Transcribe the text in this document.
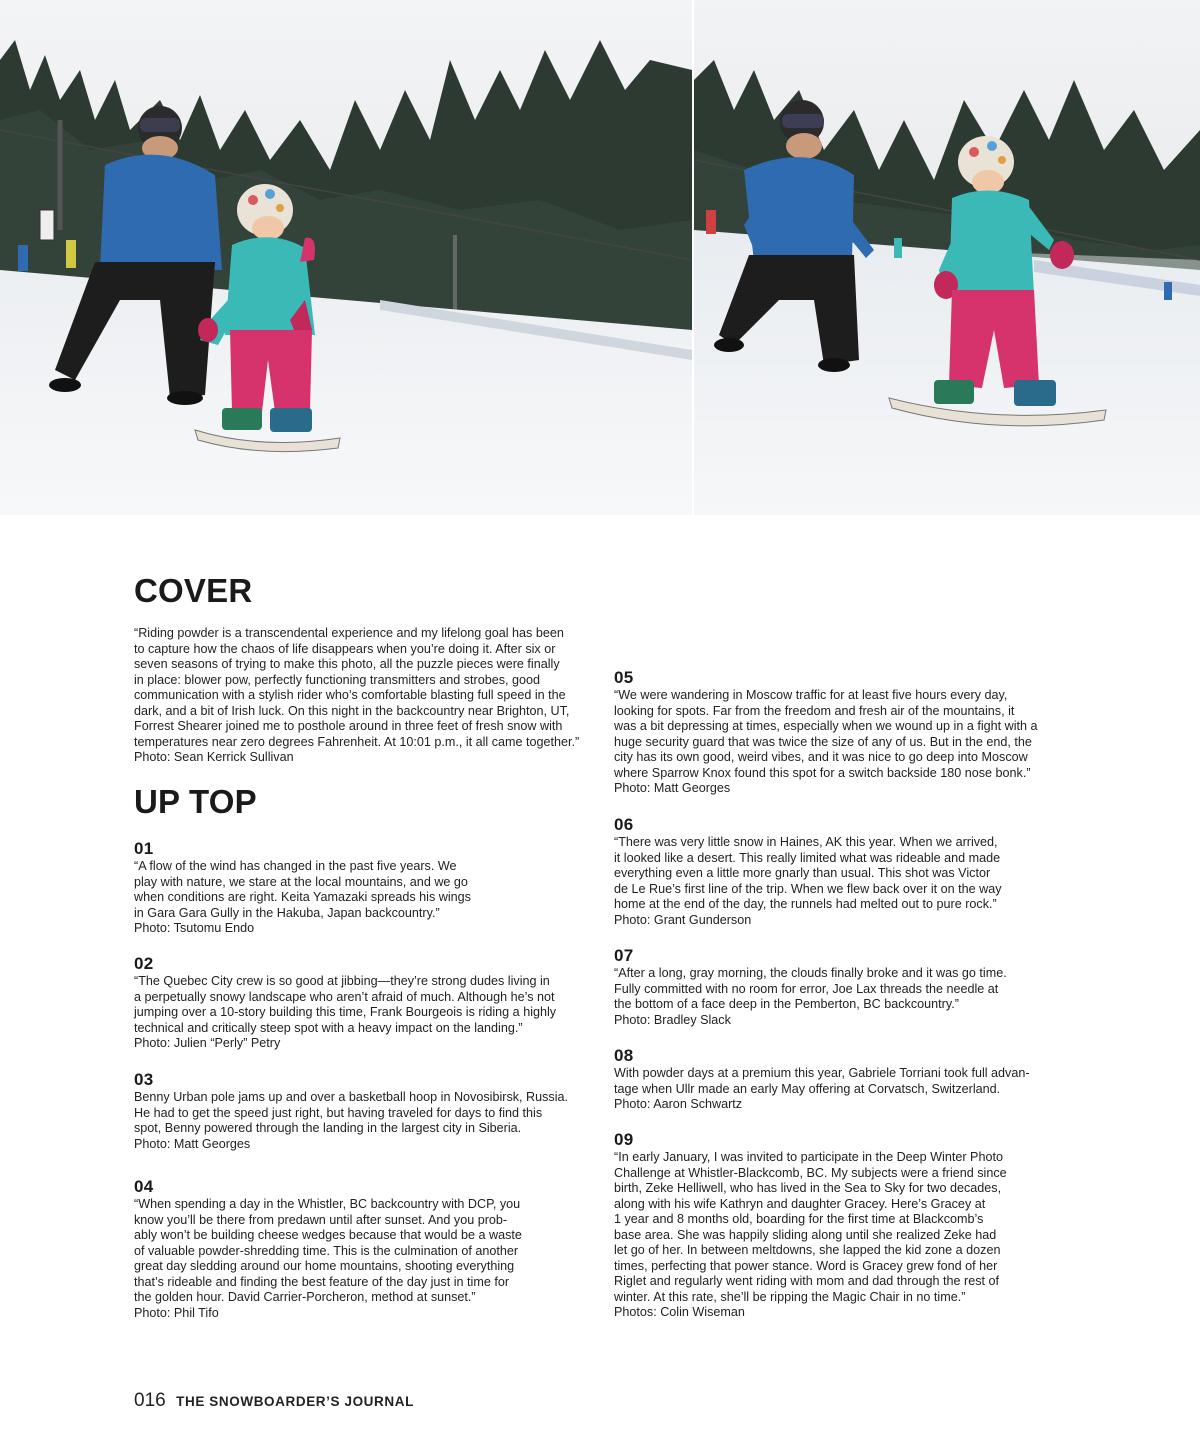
COVER
“Riding powder is a transcendental experience and my lifelong goal has been
to capture how the chaos of life disappears when you’re doing it. After six or
seven seasons of trying to make this photo, all the puzzle pieces were finally
in place: blower pow, perfectly functioning transmitters and strobes, good
communication with a stylish rider who’s comfortable blasting full speed in the
dark, and a bit of Irish luck. On this night in the backcountry near Brighton, UT,
Forrest Shearer joined me to posthole around in three feet of fresh snow with
temperatures near zero degrees Fahrenheit. At 10:01 p.m., it all came together.”
Photo: Sean Kerrick Sullivan
UP TOP
01
“A flow of the wind has changed in the past five years. We
play with nature, we stare at the local mountains, and we go
when conditions are right. Keita Yamazaki spreads his wings
in Gara Gara Gully in the Hakuba, Japan backcountry.”
Photo: Tsutomu Endo
02
“The Quebec City crew is so good at jibbing—they’re strong dudes living in
a perpetually snowy landscape who aren’t afraid of much. Although he’s not
jumping over a 10-story building this time, Frank Bourgeois is riding a highly
technical and critically steep spot with a heavy impact on the landing.”
Photo: Julien “Perly” Petry
03
Benny Urban pole jams up and over a basketball hoop in Novosibirsk, Russia.
He had to get the speed just right, but having traveled for days to find this
spot, Benny powered through the landing in the largest city in Siberia.
Photo: Matt Georges
04
“When spending a day in the Whistler, BC backcountry with DCP, you
know you’ll be there from predawn until after sunset. And you prob-
ably won’t be building cheese wedges because that would be a waste
of valuable powder-shredding time. This is the culmination of another
great day sledding around our home mountains, shooting everything
that’s rideable and finding the best feature of the day just in time for
the golden hour. David Carrier-Porcheron, method at sunset.”
Photo: Phil Tifo
05
“We were wandering in Moscow traffic for at least five hours every day,
looking for spots. Far from the freedom and fresh air of the mountains, it
was a bit depressing at times, especially when we wound up in a fight with a
huge security guard that was twice the size of any of us. But in the end, the
city has its own good, weird vibes, and it was nice to go deep into Moscow
where Sparrow Knox found this spot for a switch backside 180 nose bonk.”
Photo: Matt Georges
06
“There was very little snow in Haines, AK this year. When we arrived,
it looked like a desert. This really limited what was rideable and made
everything even a little more gnarly than usual. This shot was Victor
de Le Rue’s first line of the trip. When we flew back over it on the way
home at the end of the day, the runnels had melted out to pure rock.”
Photo: Grant Gunderson
07
“After a long, gray morning, the clouds finally broke and it was go time.
Fully committed with no room for error, Joe Lax threads the needle at
the bottom of a face deep in the Pemberton, BC backcountry.”
Photo: Bradley Slack
08
With powder days at a premium this year, Gabriele Torriani took full advan-
tage when Ullr made an early May offering at Corvatsch, Switzerland.
Photo: Aaron Schwartz
09
“In early January, I was invited to participate in the Deep Winter Photo
Challenge at Whistler-Blackcomb, BC. My subjects were a friend since
birth, Zeke Helliwell, who has lived in the Sea to Sky for two decades,
along with his wife Kathryn and daughter Gracey. Here’s Gracey at
1 year and 8 months old, boarding for the first time at Blackcomb’s
base area. She was happily sliding along until she realized Zeke had
let go of her. In between meltdowns, she lapped the kid zone a dozen
times, perfecting that power stance. Word is Gracey grew fond of her
Riglet and regularly went riding with mom and dad through the rest of
winter. At this rate, she’ll be ripping the Magic Chair in no time.”
Photos: Colin Wiseman
016 THE SNOWBOARDER’S JOURNAL
